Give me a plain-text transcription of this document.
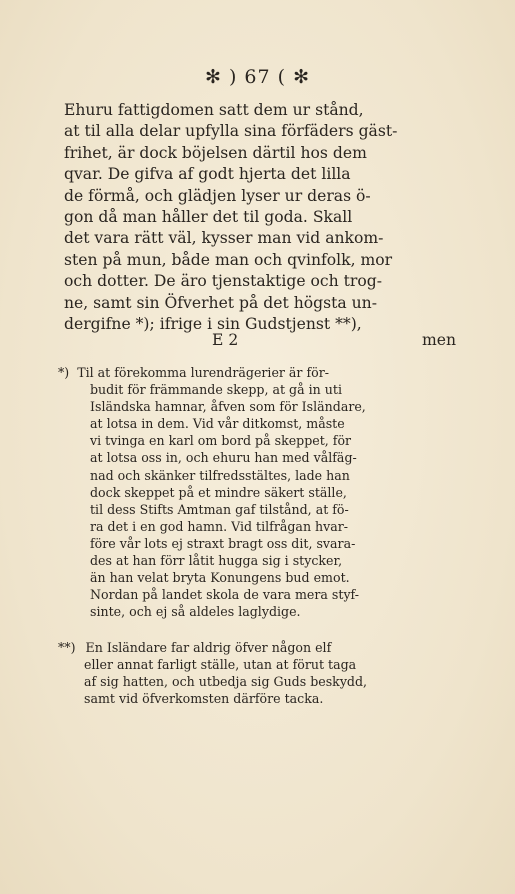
✻ ) 67 ( ✻
Ehuru fattigdomen satt dem ur stånd,
at til alla delar upfylla sina förfäders gäst-
frihet, är dock böjelsen därtil hos dem
qvar. De gifva af godt hjerta det lilla
de förmå, och glädjen lyser ur deras ö-
gon då man håller det til goda. Skall
det vara rätt väl, kysser man vid ankom-
sten på mun, både man och qvinfolk, mor
och dotter. De äro tjenstaktige och trog-
ne, samt sin Öfverhet på det högsta un-
dergifne *); ifrige i sin Gudstjenst **),
E 2	men
*) Til at förekomma lurendrägerier är för-
budit för främmande skepp, at gå in uti
Isländska hamnar, åfven som för Isländare,
at lotsa in dem. Vid vår ditkomst, måste
vi tvinga en karl om bord på skeppet, för
at lotsa oss in, och ehuru han med vålfäg-
nad och skänker tilfredsstältes, lade han
dock skeppet på et mindre säkert ställe,
til dess Stifts Amtman gaf tilstånd, at fö-
ra det i en god hamn. Vid tilfrågan hvar-
före vår lots ej straxt bragt oss dit, svara-
des at han förr låtit hugga sig i stycker,
än han velat bryta Konungens bud emot.
Nordan på landet skola de vara mera styf-
sinte, och ej så aldeles laglydige.
**) En Isländare far aldrig öfver någon elf
eller annat farligt ställe, utan at förut taga
af sig hatten, och utbedja sig Guds beskydd,
samt vid öfverkomsten därföre tacka.
